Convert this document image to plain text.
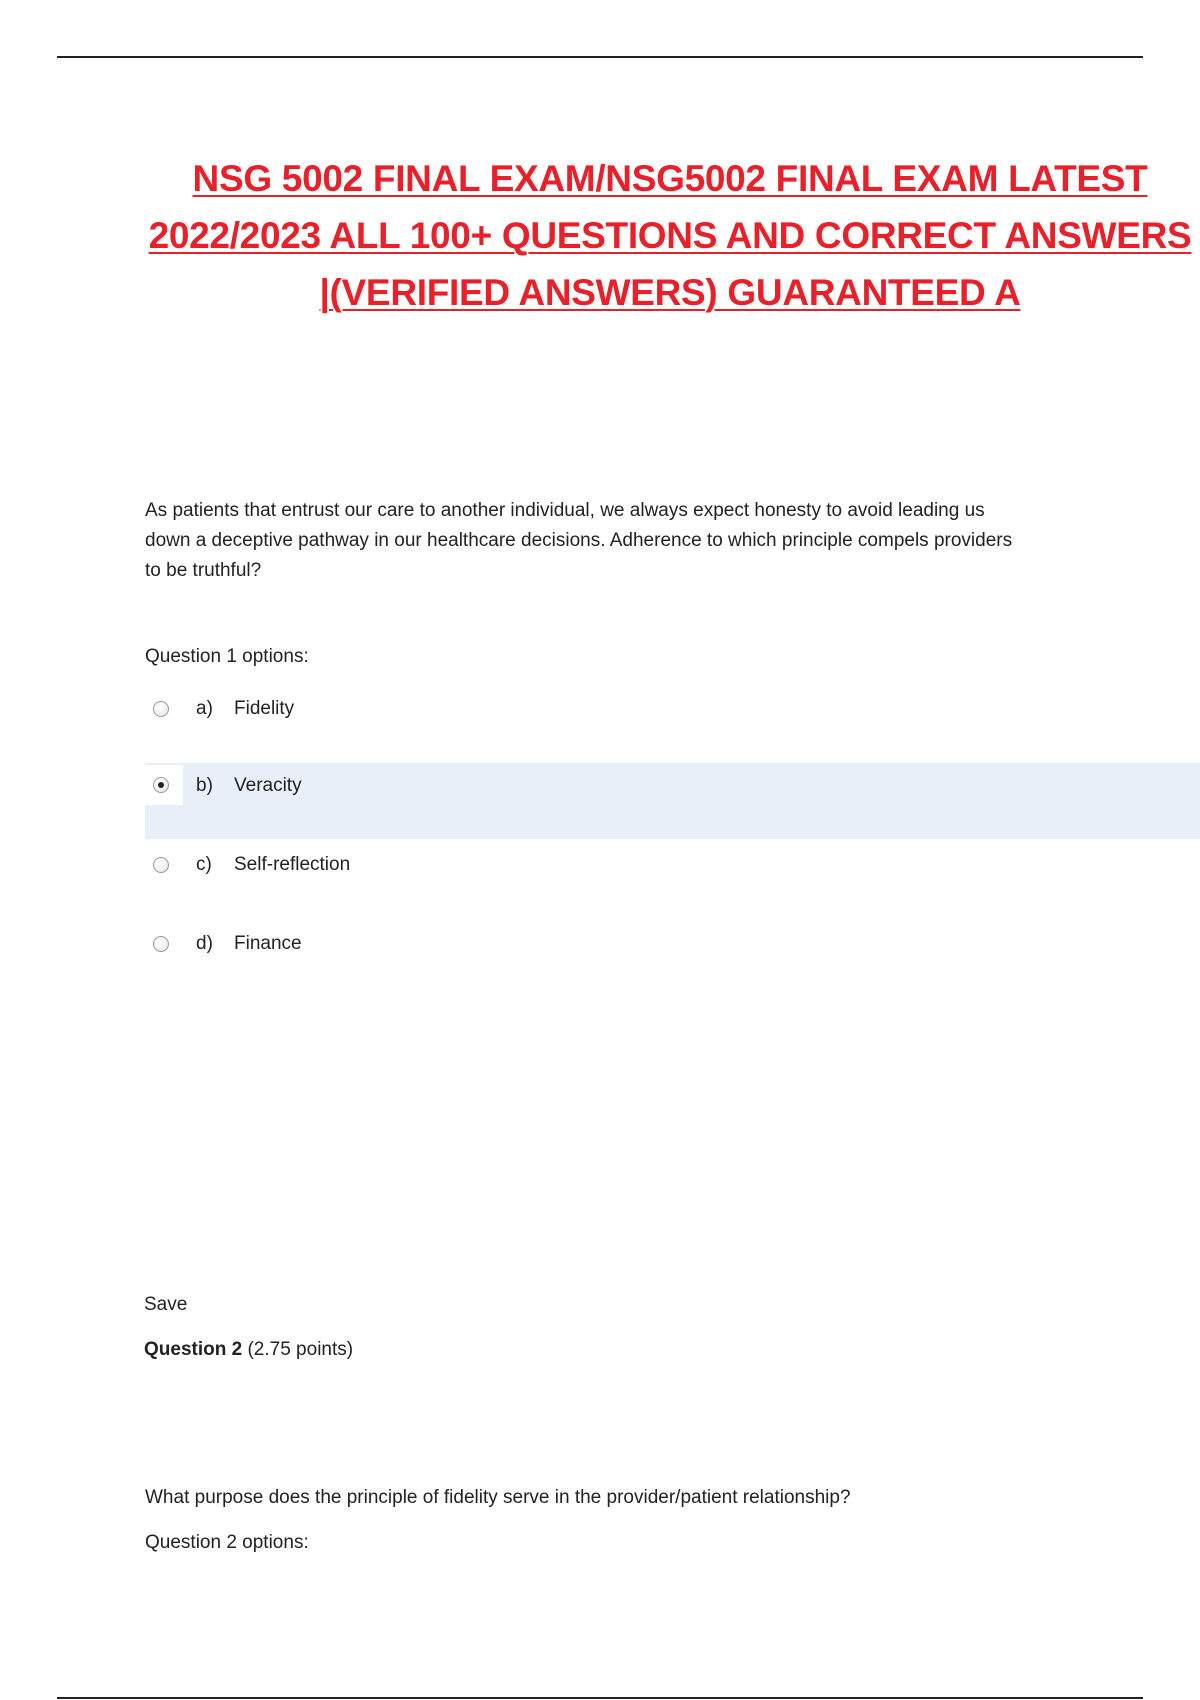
NSG 5002 FINAL EXAM/NSG5002 FINAL EXAM LATEST
2022/2023 ALL 100+ QUESTIONS AND CORRECT ANSWERS
|(VERIFIED ANSWERS) GUARANTEED A

As patients that entrust our care to another individual, we always expect honesty to avoid leading us
down a deceptive pathway in our healthcare decisions. Adherence to which principle compels providers
to be truthful?

Question 1 options:
a)	Fidelity
b)	Veracity
c)	Self-reflection
d)	Finance
Save
Question 2 (2.75 points)
What purpose does the principle of fidelity serve in the provider/patient relationship?
Question 2 options:
